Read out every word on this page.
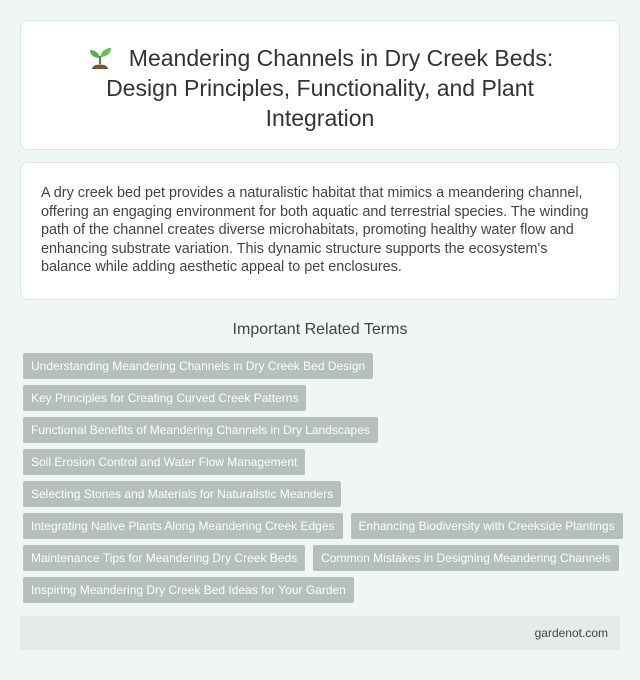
Meandering Channels in Dry Creek Beds: Design Principles, Functionality, and Plant Integration

A dry creek bed pet provides a naturalistic habitat that mimics a meandering channel, offering an engaging environment for both aquatic and terrestrial species. The winding path of the channel creates diverse microhabitats, promoting healthy water flow and enhancing substrate variation. This dynamic structure supports the ecosystem's balance while adding aesthetic appeal to pet enclosures.

Important Related Terms
Understanding Meandering Channels in Dry Creek Bed Design
Key Principles for Creating Curved Creek Patterns
Functional Benefits of Meandering Channels in Dry Landscapes
Soil Erosion Control and Water Flow Management
Selecting Stones and Materials for Naturalistic Meanders
Integrating Native Plants Along Meandering Creek Edges	Enhancing Biodiversity with Creekside Plantings
Maintenance Tips for Meandering Dry Creek Beds	Common Mistakes in Designing Meandering Channels
Inspiring Meandering Dry Creek Bed Ideas for Your Garden
gardenot.com
